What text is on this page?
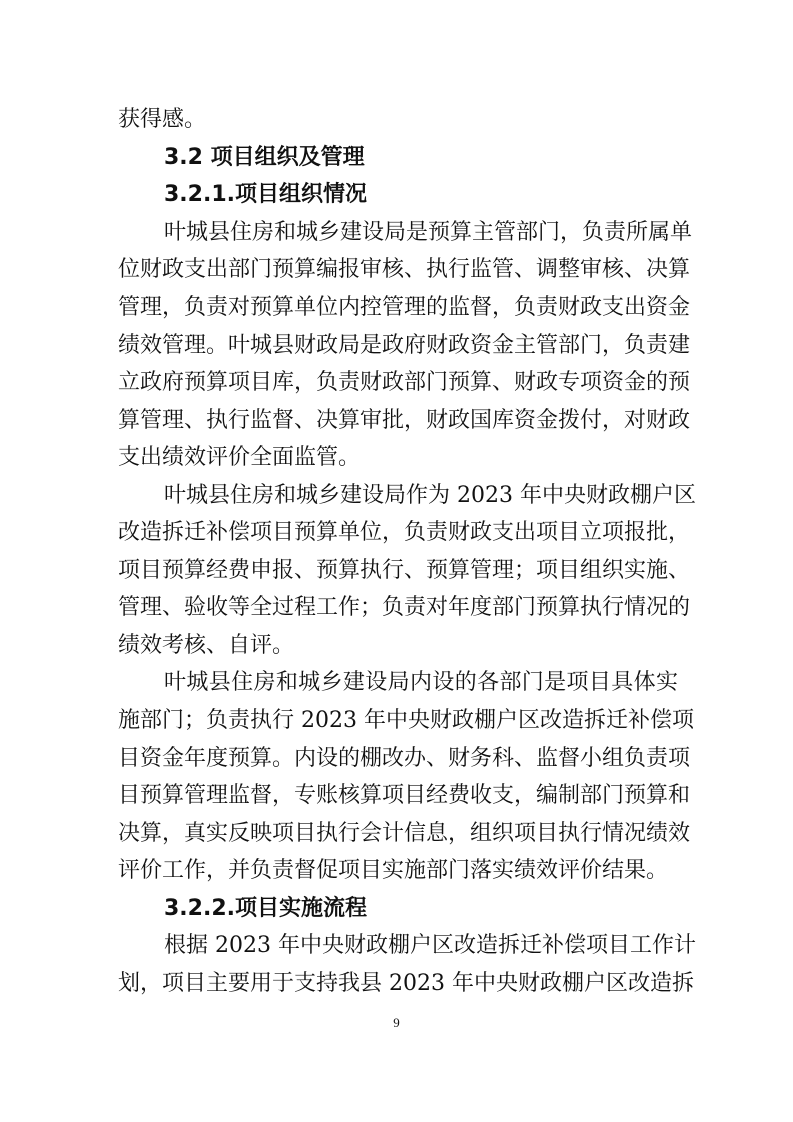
获得感。
3.2 项目组织及管理
3.2.1.项目组织情况
叶城县住房和城乡建设局是预算主管部门，负责所属单
位财政支出部门预算编报审核、执行监管、调整审核、决算
管理，负责对预算单位内控管理的监督，负责财政支出资金
绩效管理。叶城县财政局是政府财政资金主管部门，负责建
立政府预算项目库，负责财政部门预算、财政专项资金的预
算管理、执行监督、决算审批，财政国库资金拨付，对财政
支出绩效评价全面监管。
叶城县住房和城乡建设局作为 2023 年中央财政棚户区
改造拆迁补偿项目预算单位，负责财政支出项目立项报批，
项目预算经费申报、预算执行、预算管理；项目组织实施、
管理、验收等全过程工作；负责对年度部门预算执行情况的
绩效考核、自评。
叶城县住房和城乡建设局内设的各部门是项目具体实
施部门；负责执行 2023 年中央财政棚户区改造拆迁补偿项
目资金年度预算。内设的棚改办、财务科、监督小组负责项
目预算管理监督，专账核算项目经费收支，编制部门预算和
决算，真实反映项目执行会计信息，组织项目执行情况绩效
评价工作，并负责督促项目实施部门落实绩效评价结果。
3.2.2.项目实施流程
根据 2023 年中央财政棚户区改造拆迁补偿项目工作计
划，项目主要用于支持我县 2023 年中央财政棚户区改造拆
9
